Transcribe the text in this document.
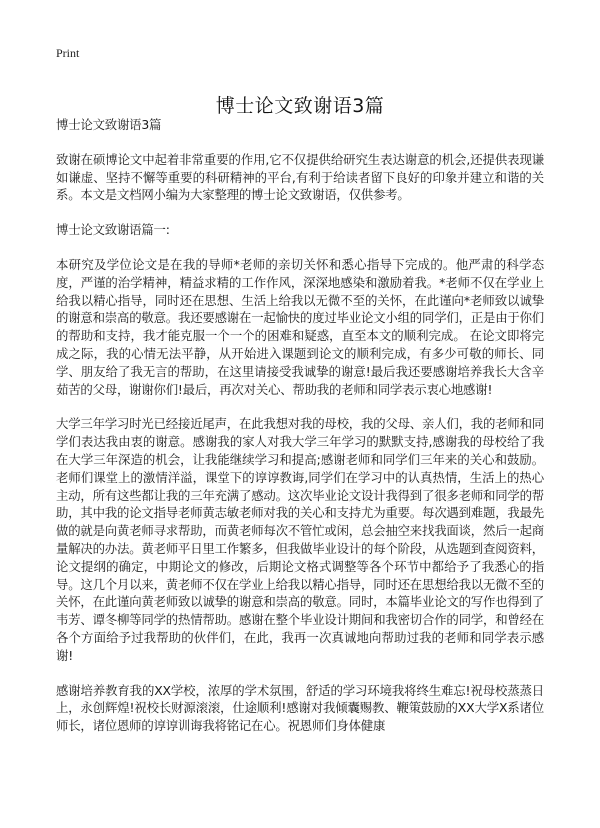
Print
博士论文致谢语3篇

博士论文致谢语3篇

致谢在硕博论文中起着非常重要的作用,它不仅提供给研究生表达谢意的机会,还提供表现谦如谦虚、坚持不懈等重要的科研精神的平台,有利于给读者留下良好的印象并建立和谐的关系。本文是文档网小编为大家整理的博士论文致谢语，仅供参考。

博士论文致谢语篇一:

本研究及学位论文是在我的导师*老师的亲切关怀和悉心指导下完成的。他严肃的科学态度，严谨的治学精神，精益求精的工作作风，深深地感染和激励着我。*老师不仅在学业上给我以精心指导，同时还在思想、生活上给我以无微不至的关怀，在此谨向*老师致以诚挚的谢意和崇高的敬意。我还要感谢在一起愉快的度过毕业论文小组的同学们，正是由于你们的帮助和支持，我才能克服一个一个的困难和疑惑，直至本文的顺利完成。 在论文即将完成之际，我的心情无法平静，从开始进入课题到论文的顺利完成，有多少可敬的师长、同学、朋友给了我无言的帮助，在这里请接受我诚挚的谢意!最后我还要感谢培养我长大含辛茹苦的父母，谢谢你们!最后，再次对关心、帮助我的老师和同学表示衷心地感谢!

大学三年学习时光已经接近尾声，在此我想对我的母校，我的父母、亲人们，我的老师和同学们表达我由衷的谢意。感谢我的家人对我大学三年学习的默默支持,感谢我的母校给了我在大学三年深造的机会，让我能继续学习和提高;感谢老师和同学们三年来的关心和鼓励。老师们课堂上的激情洋溢，课堂下的谆谆教诲,同学们在学习中的认真热情，生活上的热心主动，所有这些都让我的三年充满了感动。这次毕业论文设计我得到了很多老师和同学的帮助，其中我的论文指导老师黄志敏老师对我的关心和支持尤为重要。每次遇到难题，我最先做的就是向黄老师寻求帮助，而黄老师每次不管忙或闲，总会抽空来找我面谈，然后一起商量解决的办法。黄老师平日里工作繁多，但我做毕业设计的每个阶段，从选题到查阅资料，论文提纲的确定，中期论文的修改，后期论文格式调整等各个环节中都给予了我悉心的指导。这几个月以来，黄老师不仅在学业上给我以精心指导，同时还在思想给我以无微不至的关怀，在此谨向黄老师致以诚挚的谢意和崇高的敬意。同时，本篇毕业论文的写作也得到了韦芳、谭冬柳等同学的热情帮助。感谢在整个毕业设计期间和我密切合作的同学，和曾经在各个方面给予过我帮助的伙伴们，在此，我再一次真诚地向帮助过我的老师和同学表示感谢!

感谢培养教育我的XX学校，浓厚的学术氛围，舒适的学习环境我将终生难忘!祝母校蒸蒸日上，永创辉煌!祝校长财源滚滚，仕途顺利!感谢对我倾囊赐教、鞭策鼓励的XX大学X系诸位师长，诸位恩师的谆谆训诲我将铭记在心。祝恩师们身体健康
